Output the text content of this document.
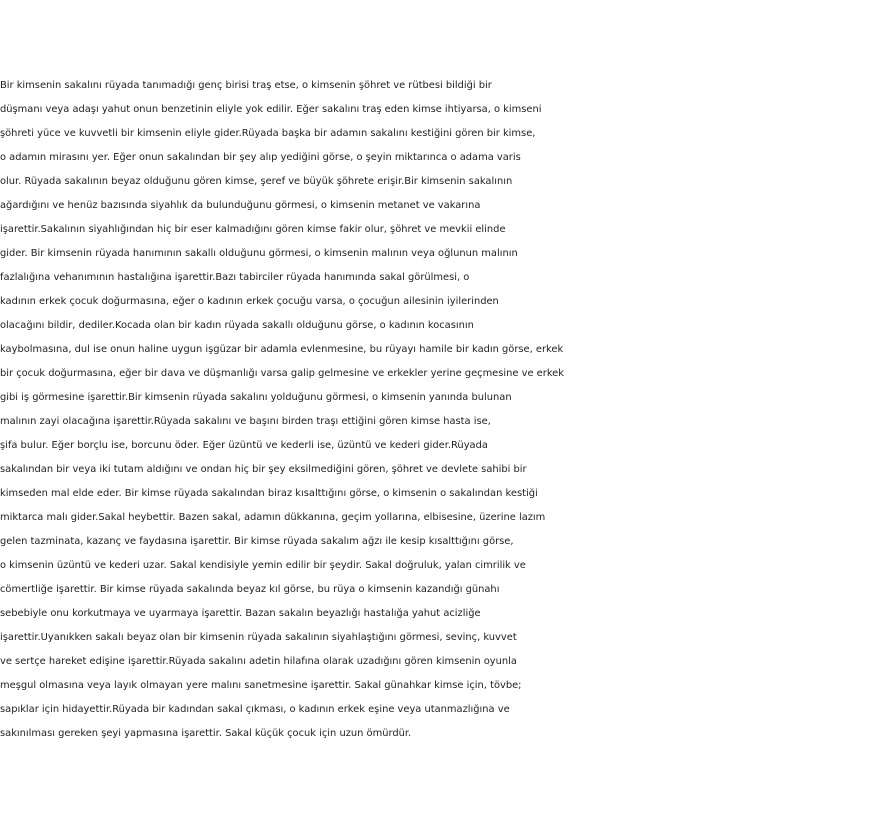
Bir kimsenin sakalını rüyada tanımadığı genç birisi traş etse, o kimsenin şöhret ve rütbesi bildiği bir
düşmanı veya adaşı yahut onun benzetinin eliyle yok edilir. Eğer sakalını traş eden kimse ihtiyarsa, o kimseni
şöhreti yüce ve kuvvetli bir kimsenin eliyle gider.Rüyada başka bir adamın sakalını kestiğini gören bir kimse,
o adamın mirasını yer. Eğer onun sakalından bir şey alıp yediğini görse, o şeyin miktarınca o adama varis
olur. Rüyada sakalının beyaz olduğunu gören kimse, şeref ve büyük şöhrete erişir.Bir kimsenin sakalının
ağardığını ve henüz bazısında siyahlık da bulunduğunu görmesi, o kimsenin metanet ve vakarına
işarettir.Sakalının siyahlığından hiç bir eser kalmadığını gören kimse fakir olur, şöhret ve mevkii elinde
gider. Bir kimsenin rüyada hanımının sakallı olduğunu görmesi, o kimsenin malının veya oğlunun malının
fazlalığına vehanımının hastalığına işarettir.Bazı tabirciler rüyada hanımında sakal görülmesi, o
kadının erkek çocuk doğurmasına, eğer o kadının erkek çocuğu varsa, o çocuğun ailesinin iyilerinden
olacağını bildir, dediler.Kocada olan bir kadın rüyada sakallı olduğunu görse, o kadının kocasının
kaybolmasına, dul ise onun haline uygun işgüzar bir adamla evlenmesine, bu rüyayı hamile bir kadın görse, erkek
bir çocuk doğurmasına, eğer bir dava ve düşmanlığı varsa galip gelmesine ve erkekler yerine geçmesine ve erkek
gibi iş görmesine işarettir.Bir kimsenin rüyada sakalını yolduğunu görmesi, o kimsenin yanında bulunan
malının zayi olacağına işarettir.Rüyada sakalını ve başını birden traşı ettiğini gören kimse hasta ise,
şifa bulur. Eğer borçlu ise, borcunu öder. Eğer üzüntü ve kederli ise, üzüntü ve kederi gider.Rüyada
sakalından bir veya iki tutam aldığını ve ondan hiç bir şey eksilmediğini gören, şöhret ve devlete sahibi bir
kimseden mal elde eder. Bir kimse rüyada sakalından biraz kısalttığını görse, o kimsenin o sakalından kestiği
miktarca malı gider.Sakal heybettir. Bazen sakal, adamın dükkanına, geçim yollarına, elbisesine, üzerine lazım
gelen tazminata, kazanç ve faydasına işarettir. Bir kimse rüyada sakalım ağzı ile kesip kısalttığını görse,
o kimsenin üzüntü ve kederi uzar. Sakal kendisiyle yemin edilir bir şeydir. Sakal doğruluk, yalan cimrilik ve
cömertliğe işarettir. Bir kimse rüyada sakalında beyaz kıl görse, bu rüya o kimsenin kazandığı günahı
sebebiyle onu korkutmaya ve uyarmaya işarettir. Bazan sakalın beyazlığı hastalığa yahut acizliğe
işarettir.Uyanıkken sakalı beyaz olan bir kimsenin rüyada sakalının siyahlaştığını görmesi, sevinç, kuvvet
ve sertçe hareket edişine işarettir.Rüyada sakalını adetin hilafına olarak uzadığını gören kimsenin oyunla
meşgul olmasına veya layık olmayan yere malını sanetmesine işarettir. Sakal günahkar kimse için, tövbe;
sapıklar için hidayettir.Rüyada bir kadından sakal çıkması, o kadının erkek eşine veya utanmazlığına ve
sakınılması gereken şeyi yapmasına işarettir. Sakal küçük çocuk için uzun ömürdür.
